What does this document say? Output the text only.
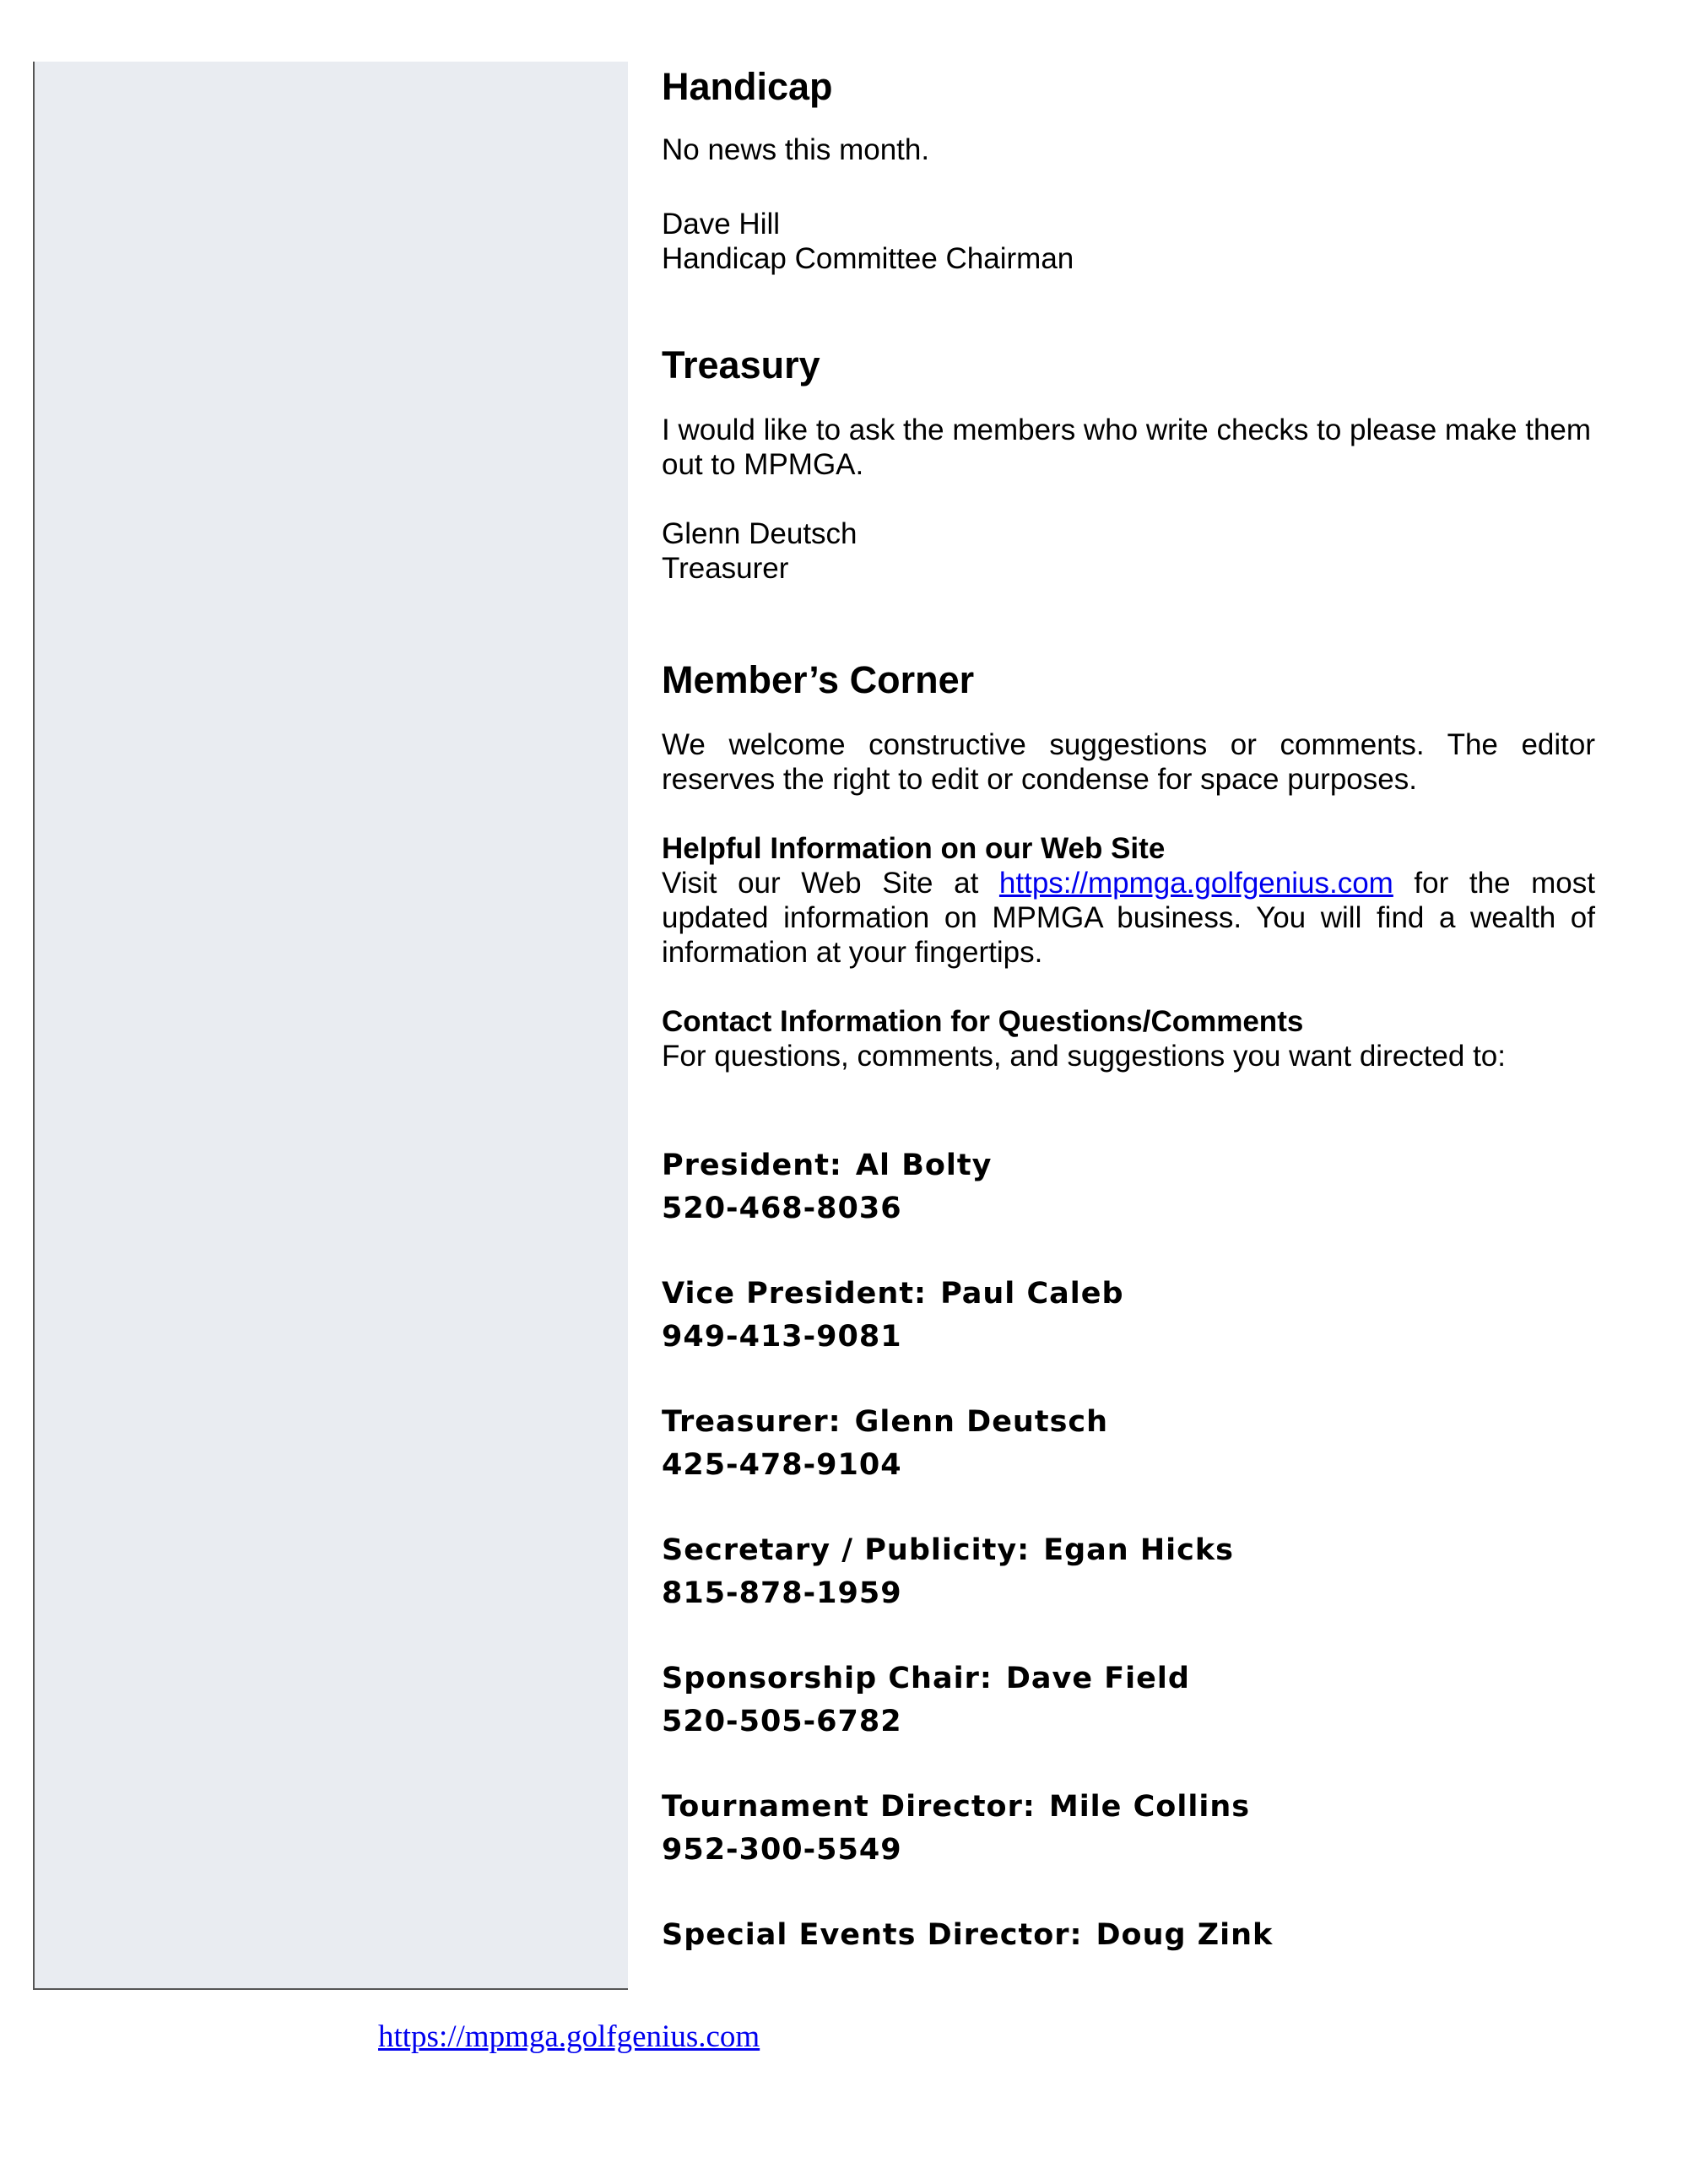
Handicap

No news this month.

Dave Hill

Handicap Committee Chairman

Treasury

I would like to ask the members who write checks to please make them out to MPMGA.

Glenn Deutsch

Treasurer

Member’s Corner

We welcome constructive suggestions or comments. The editor reserves the right to edit or condense for space purposes.

Helpful Information on our Web Site

Visit our Web Site at https://mpmga.golfgenius.com for the most updated information on MPMGA business. You will find a wealth of information at your fingertips.

Contact Information for Questions/Comments

For questions, comments, and suggestions you want directed to:

President: Al Bolty

520-468-8036

Vice President: Paul Caleb

949-413-9081

Treasurer: Glenn Deutsch

425-478-9104

Secretary / Publicity: Egan Hicks

815-878-1959

Sponsorship Chair: Dave Field

520-505-6782

Tournament Director: Mile Collins

952-300-5549

Special Events Director: Doug Zink

https://mpmga.golfgenius.com
